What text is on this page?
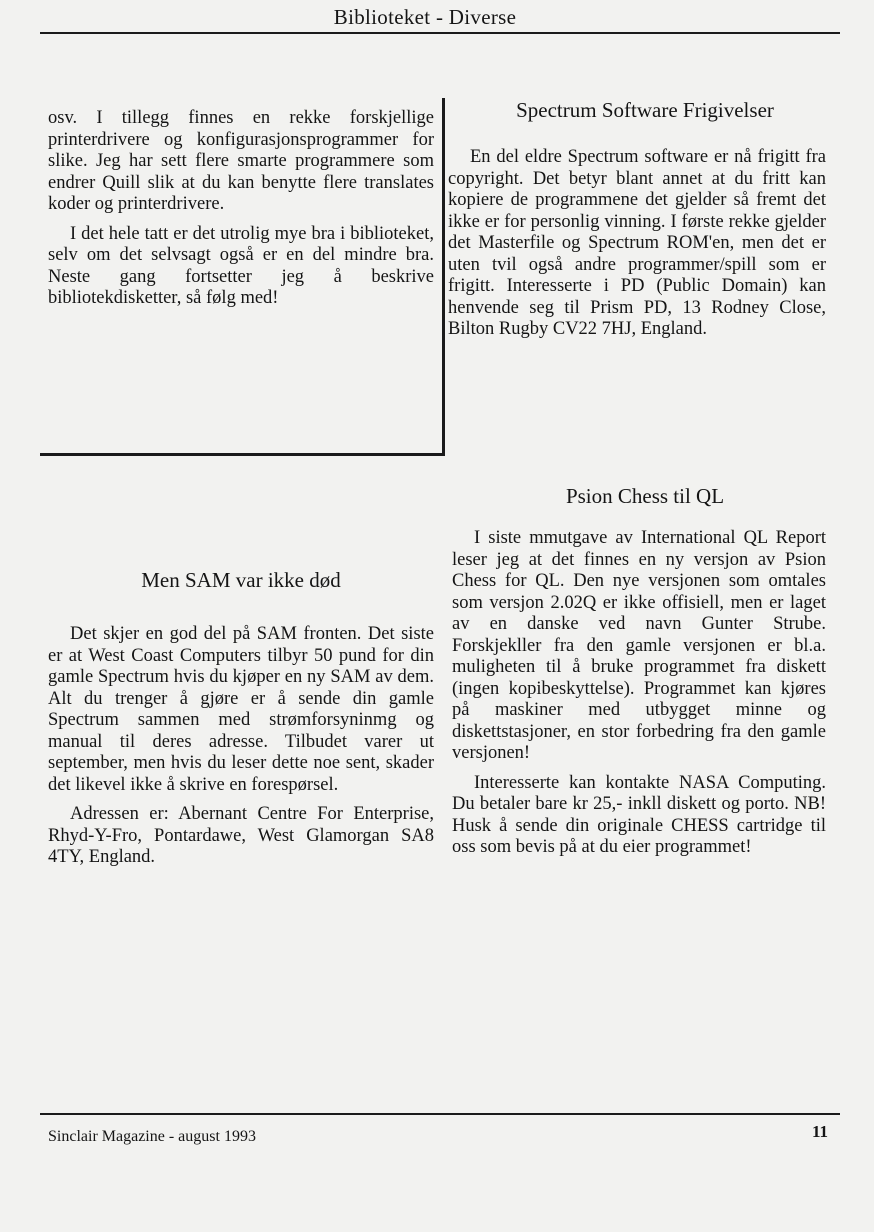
Biblioteket - Diverse

osv. I tillegg finnes en rekke forskjellige printerdrivere og konfigurasjonsprogrammer for slike. Jeg har sett flere smarte programmere som endrer Quill slik at du kan benytte flere translates koder og printerdrivere.

I det hele tatt er det utrolig mye bra i biblioteket, selv om det selvsagt også er en del mindre bra. Neste gang fortsetter jeg å beskrive bibliotekdisketter, så følg med!

Men SAM var ikke død

Det skjer en god del på SAM fronten. Det siste er at West Coast Computers tilbyr 50 pund for din gamle Spectrum hvis du kjøper en ny SAM av dem. Alt du trenger å gjøre er å sende din gamle Spectrum sammen med strømforsyninmg og manual til deres adresse. Tilbudet varer ut september, men hvis du leser dette noe sent, skader det likevel ikke å skrive en forespørsel.

Adressen er: Abernant Centre For Enterprise, Rhyd-Y-Fro, Pontardawe, West Glamorgan SA8 4TY, England.

Spectrum Software Frigivelser

En del eldre Spectrum software er nå frigitt fra copyright. Det betyr blant annet at du fritt kan kopiere de programmene det gjelder så fremt det ikke er for personlig vinning. I første rekke gjelder det Masterfile og Spectrum ROM'en, men det er uten tvil også andre programmer/spill som er frigitt. Interesserte i PD (Public Domain) kan henvende seg til Prism PD, 13 Rodney Close, Bilton Rugby CV22 7HJ, England.

Psion Chess til QL

I siste mmutgave av International QL Report leser jeg at det finnes en ny versjon av Psion Chess for QL. Den nye versjonen som omtales som versjon 2.02Q er ikke offisiell, men er laget av en danske ved navn Gunter Strube. Forskjekller fra den gamle versjonen er bl.a. muligheten til å bruke programmet fra diskett (ingen kopibeskyttelse). Programmet kan kjøres på maskiner med utbygget minne og diskettstasjoner, en stor forbedring fra den gamle versjonen!

Interesserte kan kontakte NASA Computing. Du betaler bare kr 25,- inkll diskett og porto. NB! Husk å sende din originale CHESS cartridge til oss som bevis på at du eier programmet!

Sinclair Magazine - august 1993	11
